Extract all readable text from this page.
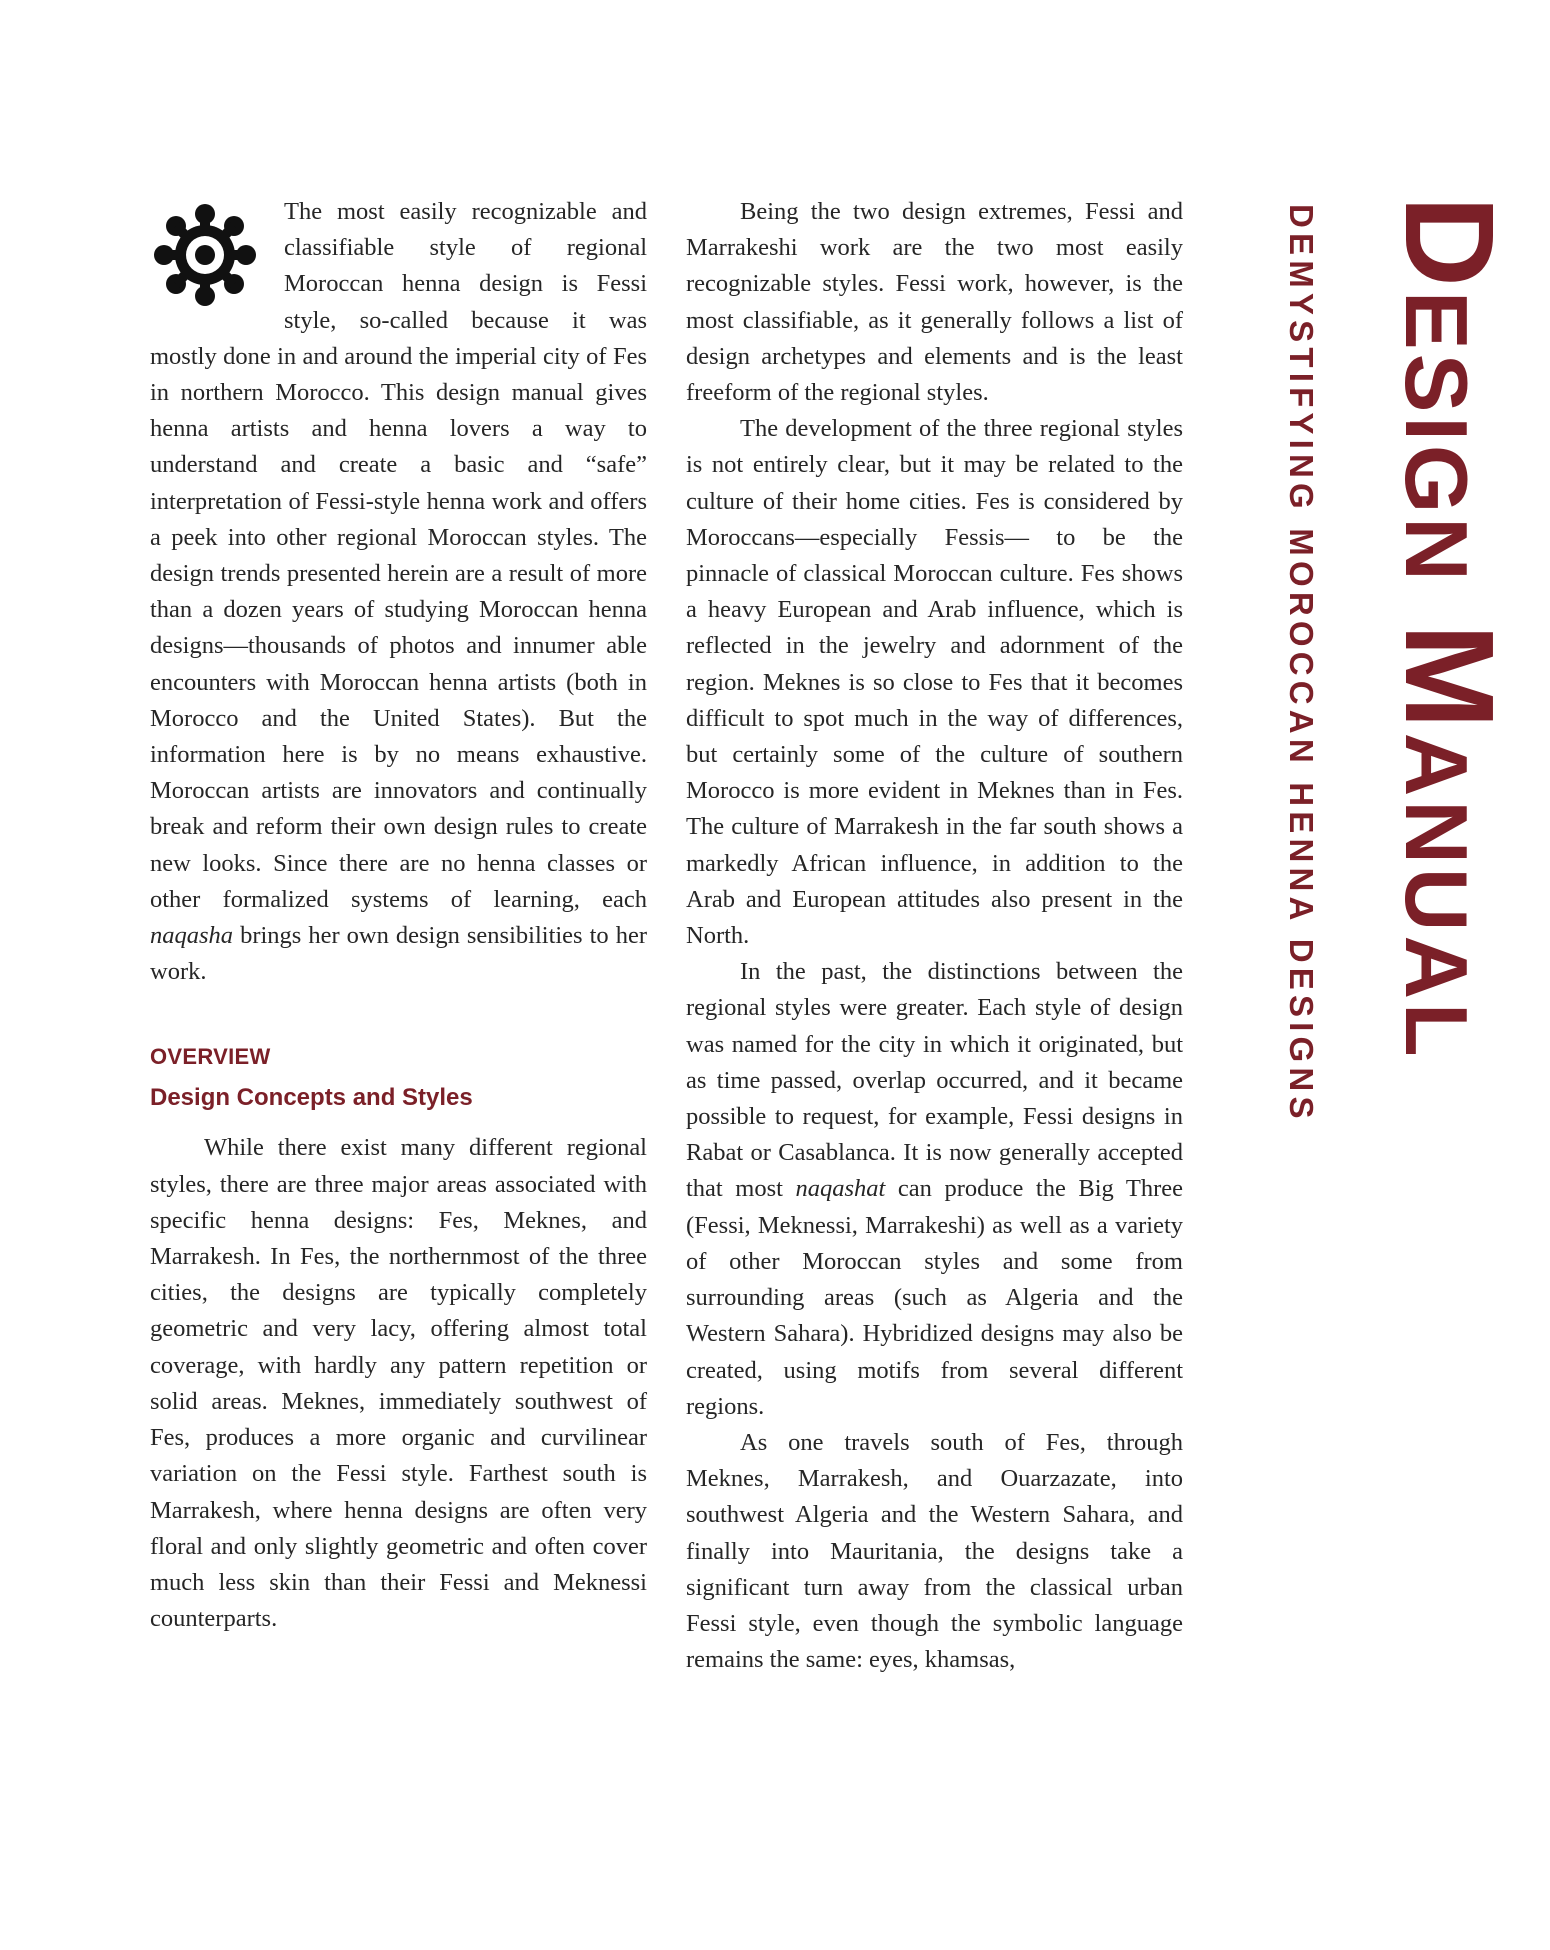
The most easily recognizable and classifiable style of regional Moroccan henna design is Fessi style, so-called because it was mostly done in and around the imperial city of Fes in northern Morocco. This design manual gives henna artists and henna lovers a way to understand and create a basic and “safe” interpretation of Fessi-style henna work and offers a peek into other regional Moroccan styles. The design trends presented herein are a result of more than a dozen years of studying Moroccan henna designs—thousands of photos and innumer able encounters with Moroccan henna artists (both in Morocco and the United States). But the information here is by no means exhaustive. Moroccan artists are innovators and continually break and reform their own design rules to create new looks. Since there are no henna classes or other formalized systems of learning, each naqasha brings her own design sensibilities to her work.

OVERVIEW

Design Concepts and Styles

While there exist many different regional styles, there are three major areas associated with specific henna designs: Fes, Meknes, and Marrakesh. In Fes, the northernmost of the three cities, the designs are typically completely geometric and very lacy, offering almost total coverage, with hardly any pattern repetition or solid areas. Meknes, immediately southwest of Fes, produces a more organic and curvilinear variation on the Fessi style. Farthest south is Marrakesh, where henna designs are often very floral and only slightly geometric and often cover much less skin than their Fessi and Meknessi counterparts.

Being the two design extremes, Fessi and Marrakeshi work are the two most easily recognizable styles. Fessi work, however, is the most classifiable, as it generally follows a list of design archetypes and elements and is the least freeform of the regional styles.

The development of the three regional styles is not entirely clear, but it may be related to the culture of their home cities. Fes is considered by Moroccans—especially Fessis— to be the pinnacle of classical Moroccan culture. Fes shows a heavy European and Arab influence, which is reflected in the jewelry and adornment of the region. Meknes is so close to Fes that it becomes difficult to spot much in the way of differences, but certainly some of the culture of southern Morocco is more evident in Meknes than in Fes. The culture of Marrakesh in the far south shows a markedly African influence, in addition to the Arab and European attitudes also present in the North.

In the past, the distinctions between the regional styles were greater. Each style of design was named for the city in which it originated, but as time passed, overlap occurred, and it became possible to request, for example, Fessi designs in Rabat or Casablanca. It is now generally accepted that most naqashat can produce the Big Three (Fessi, Meknessi, Marrakeshi) as well as a variety of other Moroccan styles and some from surrounding areas (such as Algeria and the Western Sahara). Hybridized designs may also be created, using motifs from several different regions.

As one travels south of Fes, through Meknes, Marrakesh, and Ouarzazate, into southwest Algeria and the Western Sahara, and finally into Mauritania, the designs take a significant turn away from the classical urban Fessi style, even though the symbolic language remains the same: eyes, khamsas,

Design Manual
DEMYSTIFYING MOROCCAN HENNA DESIGNS
